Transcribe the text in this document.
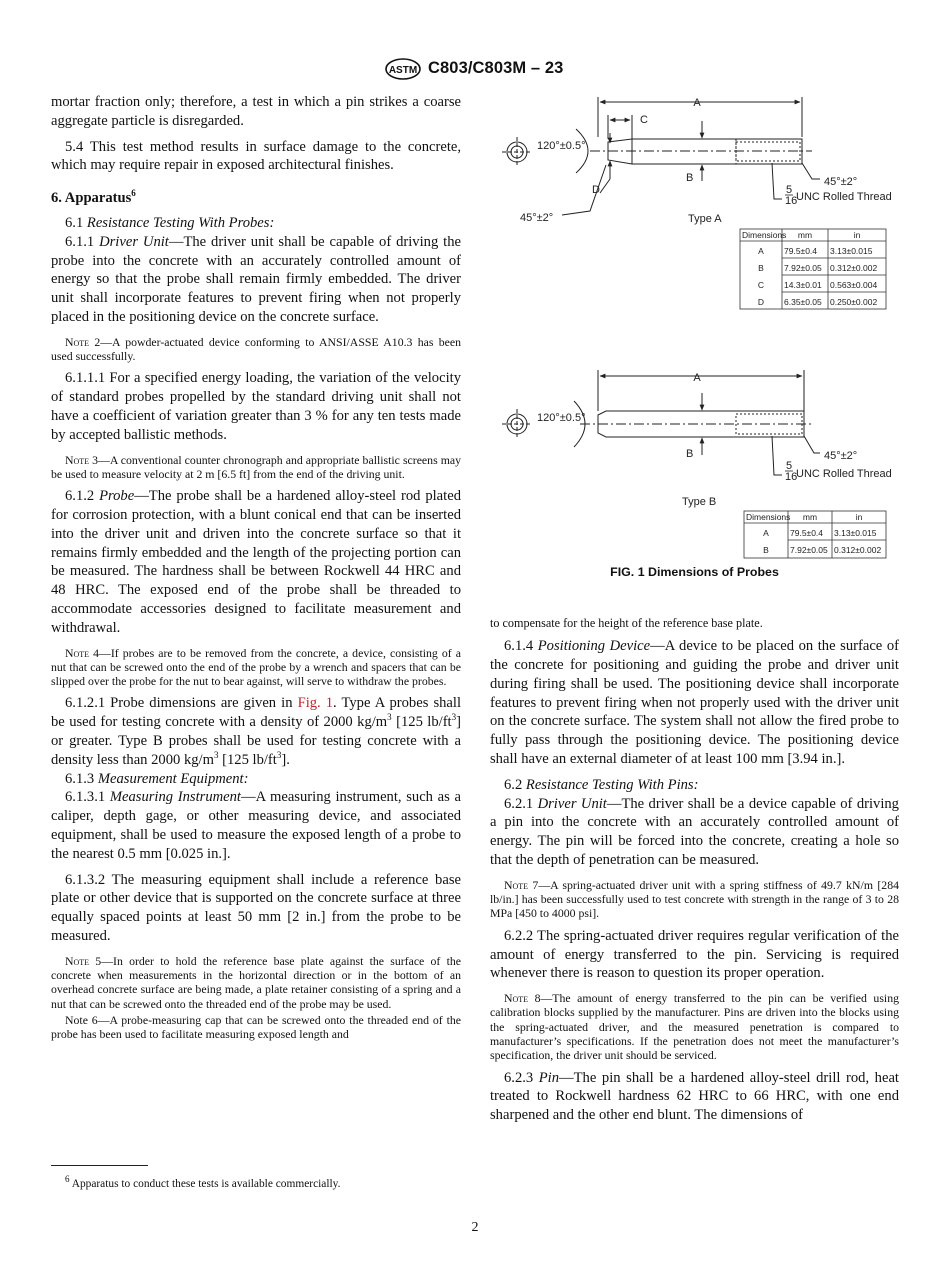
ASTM C803/C803M – 23

mortar fraction only; therefore, a test in which a pin strikes a coarse aggregate particle is disregarded.

5.4 This test method results in surface damage to the concrete, which may require repair in exposed architectural finishes.

6. Apparatus$^6$

6.1 Resistance Testing With Probes:

6.1.1 Driver Unit—The driver unit shall be capable of driving the probe into the concrete with an accurately controlled amount of energy so that the probe shall remain firmly embedded. The driver unit shall incorporate features to prevent firing when not properly placed in the positioning device on the concrete surface.

Note 2—A powder-actuated device conforming to ANSI/ASSE A10.3 has been used successfully.

6.1.1.1 For a specified energy loading, the variation of the velocity of standard probes propelled by the standard driving unit shall not have a coefficient of variation greater than 3 % for any ten tests made by accepted ballistic methods.

Note 3—A conventional counter chronograph and appropriate ballistic screens may be used to measure velocity at 2 m [6.5 ft] from the end of the driving unit.

6.1.2 Probe—The probe shall be a hardened alloy-steel rod plated for corrosion protection, with a blunt conical end that can be inserted into the driver unit and driven into the concrete surface so that it remains firmly embedded and the length of the projecting portion can be measured. The hardness shall be between Rockwell 44 HRC and 48 HRC. The exposed end of the probe shall be threaded to accommodate accessories designed to facilitate measurement and withdrawal.

Note 4—If probes are to be removed from the concrete, a device, consisting of a nut that can be screwed onto the end of the probe by a wrench and spacers that can be slipped over the probe for the nut to bear against, will serve to withdraw the probes.

6.1.2.1 Probe dimensions are given in Fig. 1. Type A probes shall be used for testing concrete with a density of 2000 $kg/m^3$ [125 $lb/ft^3$] or greater. Type B probes shall be used for testing concrete with a density less than 2000 $kg/m^3$ [125 $lb/ft^3$].

6.1.3 Measurement Equipment:

6.1.3.1 Measuring Instrument—A measuring instrument, such as a caliper, depth gage, or other measuring device, and associated equipment, shall be used to measure the exposed length of a probe to the nearest 0.5 mm [0.025 in.].

6.1.3.2 The measuring equipment shall include a reference base plate or other device that is supported on the concrete surface at three equally spaced points at least 50 mm [2 in.] from the probe to be measured.

Note 5—In order to hold the reference base plate against the surface of the concrete when measurements in the horizontal direction or in the bottom of an overhead concrete surface are being made, a plate retainer consisting of a spring and a nut that can be screwed onto the threaded end of the probe may be used.

Note 6—A probe-measuring cap that can be screwed onto the threaded end of the probe has been used to facilitate measuring exposed length and

$^6$ Apparatus to conduct these tests is available commercially.
A
B
C
D
120°±0.5°
45°±2°
45°±2°
5
16
UNC Rolled Thread
Type A
Dimensions mm	in
A 79.5±0.4 3.13±0.015
B 7.92±0.05 0.312±0.002
C 14.3±0.01 0.563±0.004
D 6.35±0.05 0.250±0.002
A
B
120°±0.5°
45°±2°
5
16
UNC Rolled Thread
Type B
Dimensions mm	in
A 79.5±0.4 3.13±0.015
B 7.92±0.05 0.312±0.002
FIG. 1 Dimensions of Probes

to compensate for the height of the reference base plate.

6.1.4 Positioning Device—A device to be placed on the surface of the concrete for positioning and guiding the probe and driver unit during firing shall be used. The positioning device shall incorporate features to prevent firing when not properly used with the driver unit on the concrete surface. The system shall not allow the fired probe to fully pass through the positioning device. The positioning device shall have an external diameter of at least 100 mm [3.94 in.].

6.2 Resistance Testing With Pins:

6.2.1 Driver Unit—The driver shall be a device capable of driving a pin into the concrete with an accurately controlled amount of energy. The pin will be forced into the concrete, creating a hole so that the depth of penetration can be measured.

Note 7—A spring-actuated driver unit with a spring stiffness of 49.7 kN/m [284 lb/in.] has been successfully used to test concrete with strength in the range of 3 to 28 MPa [450 to 4000 psi].

6.2.2 The spring-actuated driver requires regular verification of the amount of energy transferred to the pin. Servicing is required whenever there is reason to question its proper operation.

Note 8—The amount of energy transferred to the pin can be verified using calibration blocks supplied by the manufacturer. Pins are driven into the blocks using the spring-actuated driver, and the measured penetration is compared to manufacturer’s specifications. If the penetration does not meet the manufacturer’s specification, the driver unit should be serviced.

6.2.3 Pin—The pin shall be a hardened alloy-steel drill rod, heat treated to Rockwell hardness 62 HRC to 66 HRC, with one end sharpened and the other end blunt. The dimensions of

2
